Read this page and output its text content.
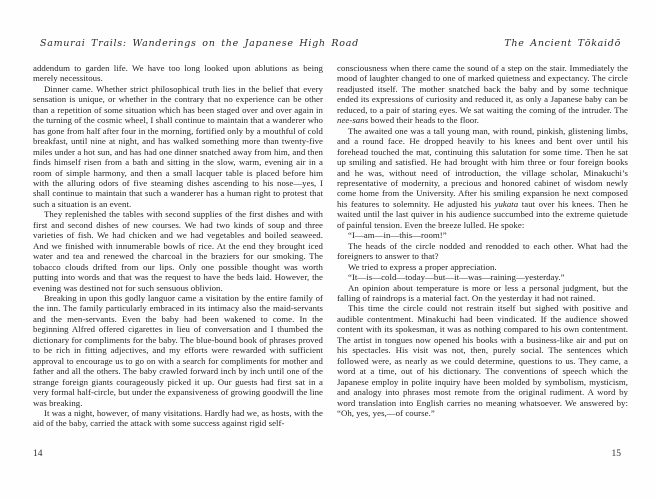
Samurai Trails: Wanderings on the Japanese High Road

addendum to garden life. We have too long looked upon ablutions as being merely necessitous.

Dinner came. Whether strict philosophical truth lies in the belief that every sensation is unique, or whether in the contrary that no experience can be other than a repetition of some situation which has been staged over and over again in the turning of the cosmic wheel, I shall continue to maintain that a wanderer who has gone from half after four in the morning, fortified only by a mouthful of cold breakfast, until nine at night, and has walked something more than twenty-five miles under a hot sun, and has had one dinner snatched away from him, and then finds himself risen from a bath and sitting in the slow, warm, evening air in a room of simple harmony, and then a small lacquer table is placed before him with the alluring odors of five steaming dishes ascending to his nose—yes, I shall continue to maintain that such a wanderer has a human right to protest that such a situation is an event.

They replenished the tables with second supplies of the first dishes and with first and second dishes of new courses. We had two kinds of soup and three varieties of fish. We had chicken and we had vegetables and boiled seaweed. And we finished with innumerable bowls of rice. At the end they brought iced water and tea and renewed the charcoal in the braziers for our smoking. The tobacco clouds drifted from our lips. Only one possible thought was worth putting into words and that was the request to have the beds laid. However, the evening was destined not for such sensuous oblivion.

Breaking in upon this godly languor came a visitation by the entire family of the inn. The family particularly embraced in its intimacy also the maid-servants and the men-servants. Even the baby had been wakened to come. In the beginning Alfred offered cigarettes in lieu of conversation and I thumbed the dictionary for compliments for the baby. The blue-bound book of phrases proved to be rich in fitting adjectives, and my efforts were rewarded with sufficient approval to encourage us to go on with a search for compliments for mother and father and all the others. The baby crawled forward inch by inch until one of the strange foreign giants courageously picked it up. Our guests had first sat in a very formal half-circle, but under the expansiveness of growing goodwill the line was breaking.

It was a night, however, of many visitations. Hardly had we, as hosts, with the aid of the baby, carried the attack with some success against rigid self-

14
The Ancient Tōkaidō

consciousness when there came the sound of a step on the stair. Immediately the mood of laughter changed to one of marked quietness and expectancy. The circle readjusted itself. The mother snatched back the baby and by some technique ended its expressions of curiosity and reduced it, as only a Japanese baby can be reduced, to a pair of staring eyes. We sat waiting the coming of the intruder. The nee-sans bowed their heads to the floor.

The awaited one was a tall young man, with round, pinkish, glistening limbs, and a round face. He dropped heavily to his knees and bent over until his forehead touched the mat, continuing this salutation for some time. Then he sat up smiling and satisfied. He had brought with him three or four foreign books and he was, without need of introduction, the village scholar, Minakuchi’s representative of modernity, a precious and honored cabinet of wisdom newly come home from the University. After his smiling expansion he next composed his features to solemnity. He adjusted his yukata taut over his knees. Then he waited until the last quiver in his audience succumbed into the extreme quietude of painful tension. Even the breeze lulled. He spoke:

“I—am—in—this—room!”

The heads of the circle nodded and renodded to each other. What had the foreigners to answer to that?

We tried to express a proper appreciation.

“It—is—cold—today—but—it—was—raining—yesterday.”

An opinion about temperature is more or less a personal judgment, but the falling of raindrops is a material fact. On the yesterday it had not rained.

This time the circle could not restrain itself but sighed with positive and audible contentment. Minakuchi had been vindicated. If the audience showed content with its spokesman, it was as nothing compared to his own contentment. The artist in tongues now opened his books with a business-like air and put on his spectacles. His visit was not, then, purely social. The sentences which followed were, as nearly as we could determine, questions to us. They came, a word at a time, out of his dictionary. The conventions of speech which the Japanese employ in polite inquiry have been molded by symbolism, mysticism, and analogy into phrases most remote from the original rudiment. A word by word translation into English carries no meaning whatsoever. We answered by: “Oh, yes, yes,—of course.”

15
